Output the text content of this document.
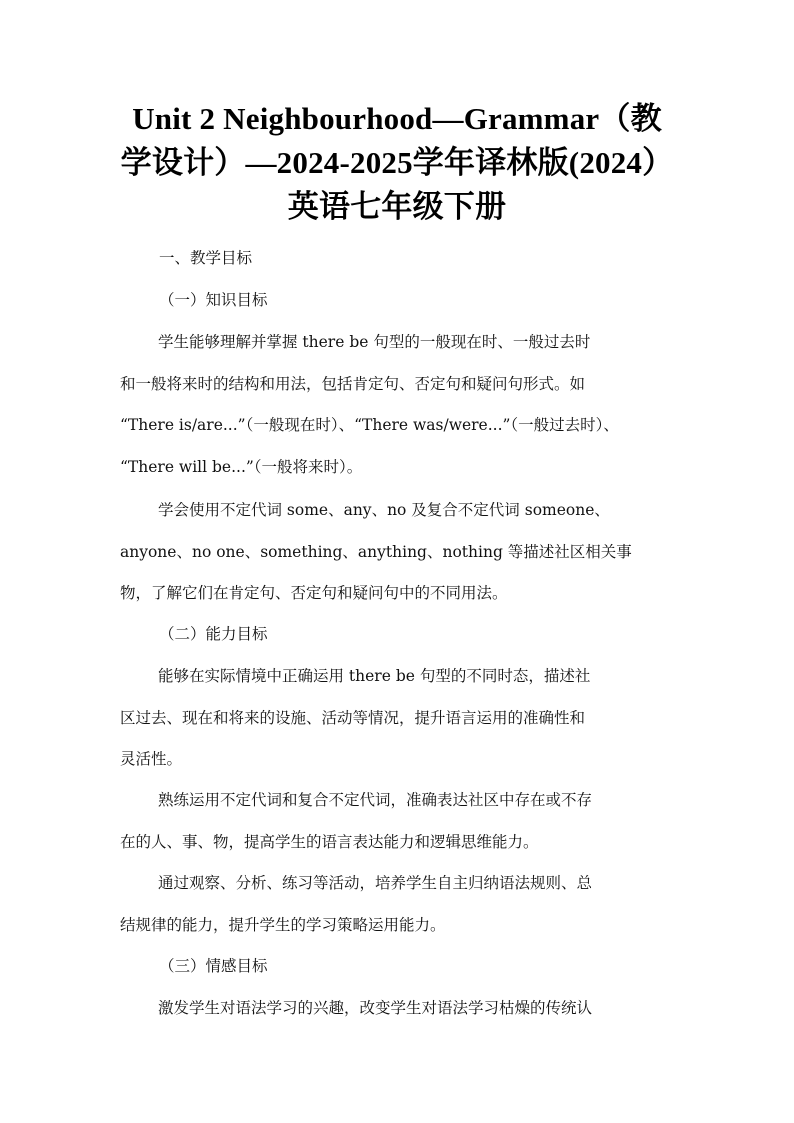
Unit 2 Neighbourhood—Grammar（教
学设计）—2024-2025学年译林版(2024）
英语七年级下册
一、教学目标
（一）知识目标
学生能够理解并掌握 there be 句型的一般现在时、一般过去时
和一般将来时的结构和用法，包括肯定句、否定句和疑问句形式。如
“There is/are...”（一般现在时）、“There was/were...”（一般过去时）、
“There will be...”（一般将来时）。
学会使用不定代词 some、any、no 及复合不定代词 someone、
anyone、no one、something、anything、nothing 等描述社区相关事
物，了解它们在肯定句、否定句和疑问句中的不同用法。
（二）能力目标
能够在实际情境中正确运用 there be 句型的不同时态，描述社
区过去、现在和将来的设施、活动等情况，提升语言运用的准确性和
灵活性。
熟练运用不定代词和复合不定代词，准确表达社区中存在或不存
在的人、事、物，提高学生的语言表达能力和逻辑思维能力。
通过观察、分析、练习等活动，培养学生自主归纳语法规则、总
结规律的能力，提升学生的学习策略运用能力。
（三）情感目标
激发学生对语法学习的兴趣，改变学生对语法学习枯燥的传统认
